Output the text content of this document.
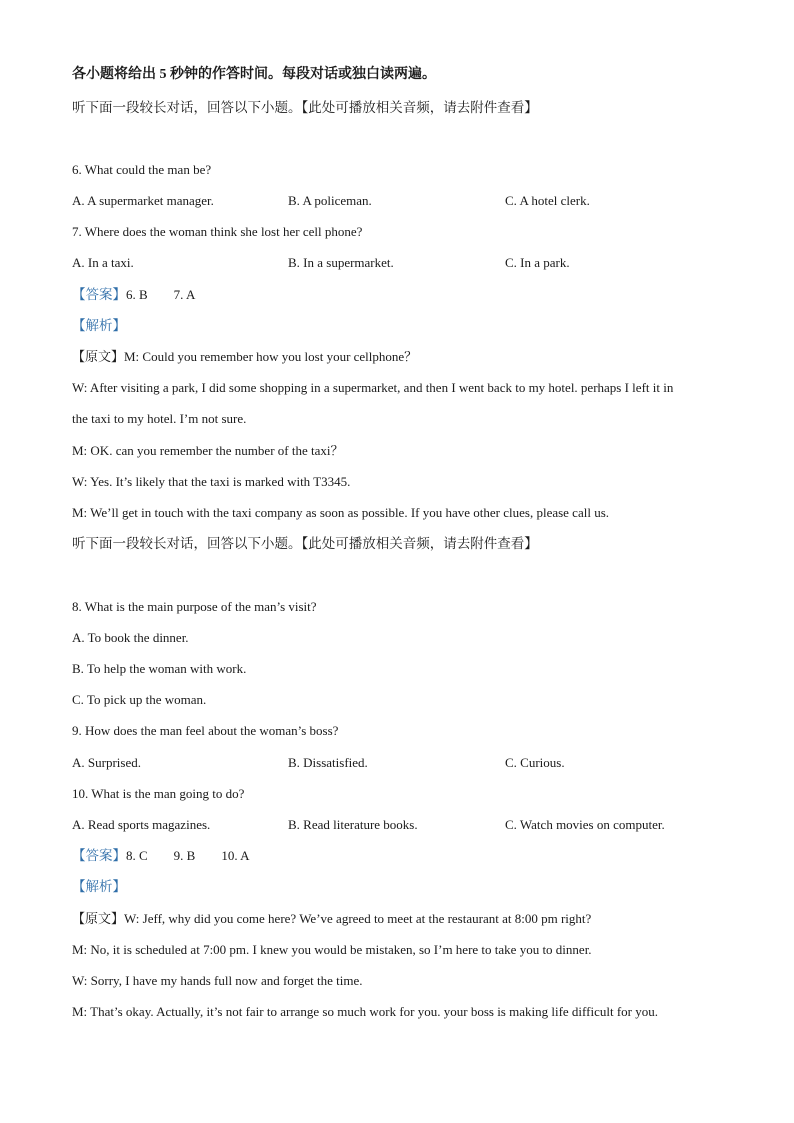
各小题将给出 5 秒钟的作答时间。每段对话或独白读两遍。
听下面一段较长对话，回答以下小题。【此处可播放相关音频，请去附件查看】
6. What could the man be?
A. A supermarket manager.	B. A policeman.	C. A hotel clerk.
7. Where does the woman think she lost her cell phone?
A. In a taxi.	B. In a supermarket.	C. In a park.
【答案】6. B 7. A
【解析】
【原文】M: Could you remember how you lost your cellphone？
W: After visiting a park, I did some shopping in a supermarket, and then I went back to my hotel. perhaps I left it in
the taxi to my hotel. I’m not sure.
M: OK. can you remember the number of the taxi？
W: Yes. It’s likely that the taxi is marked with T3345.
M: We’ll get in touch with the taxi company as soon as possible. If you have other clues, please call us.
听下面一段较长对话，回答以下小题。【此处可播放相关音频，请去附件查看】
8. What is the main purpose of the man’s visit?
A. To book the dinner.
B. To help the woman with work.
C. To pick up the woman.
9. How does the man feel about the woman’s boss?
A. Surprised.	B. Dissatisfied.	C. Curious.
10. What is the man going to do?
A. Read sports magazines.	B. Read literature books.	C. Watch movies on computer.
【答案】8. C 9. B 10. A
【解析】
【原文】W: Jeff, why did you come here? We’ve agreed to meet at the restaurant at 8:00 pm right?
M: No, it is scheduled at 7:00 pm. I knew you would be mistaken, so I’m here to take you to dinner.
W: Sorry, I have my hands full now and forget the time.
M: That’s okay. Actually, it’s not fair to arrange so much work for you. your boss is making life difficult for you.
